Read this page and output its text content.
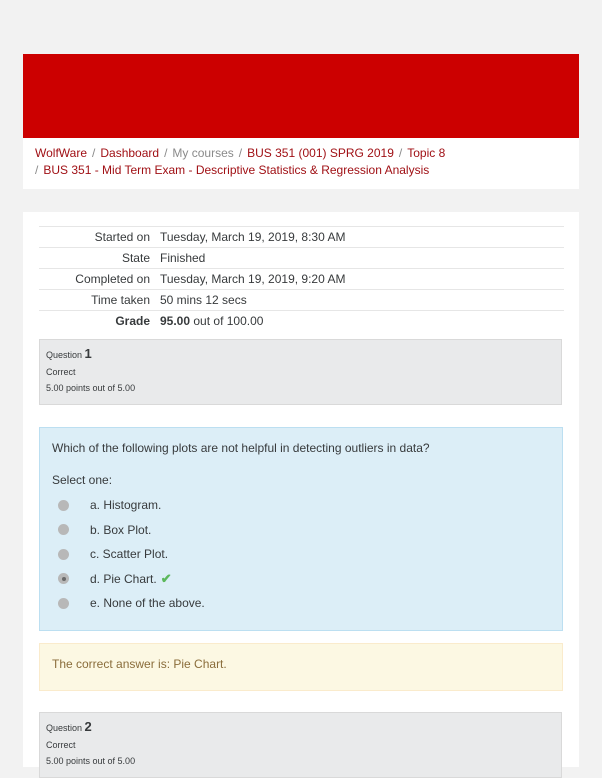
WolfWare / Dashboard / My courses / BUS 351 (001) SPRG 2019 / Topic 8
/ BUS 351 - Mid Term Exam - Descriptive Statistics & Regression Analysis
Started on	Tuesday, March 19, 2019, 8:30 AM
State	Finished
Completed on	Tuesday, March 19, 2019, 9:20 AM
Time taken	50 mins 12 secs
Grade	95.00 out of 100.00
Question 1
Correct
5.00 points out of 5.00
Which of the following plots are not helpful in detecting outliers in data?
Select one:
a. Histogram.
b. Box Plot.
c. Scatter Plot.
d. Pie Chart. ✔
e. None of the above.
The correct answer is: Pie Chart.
Question 2
Correct
5.00 points out of 5.00
